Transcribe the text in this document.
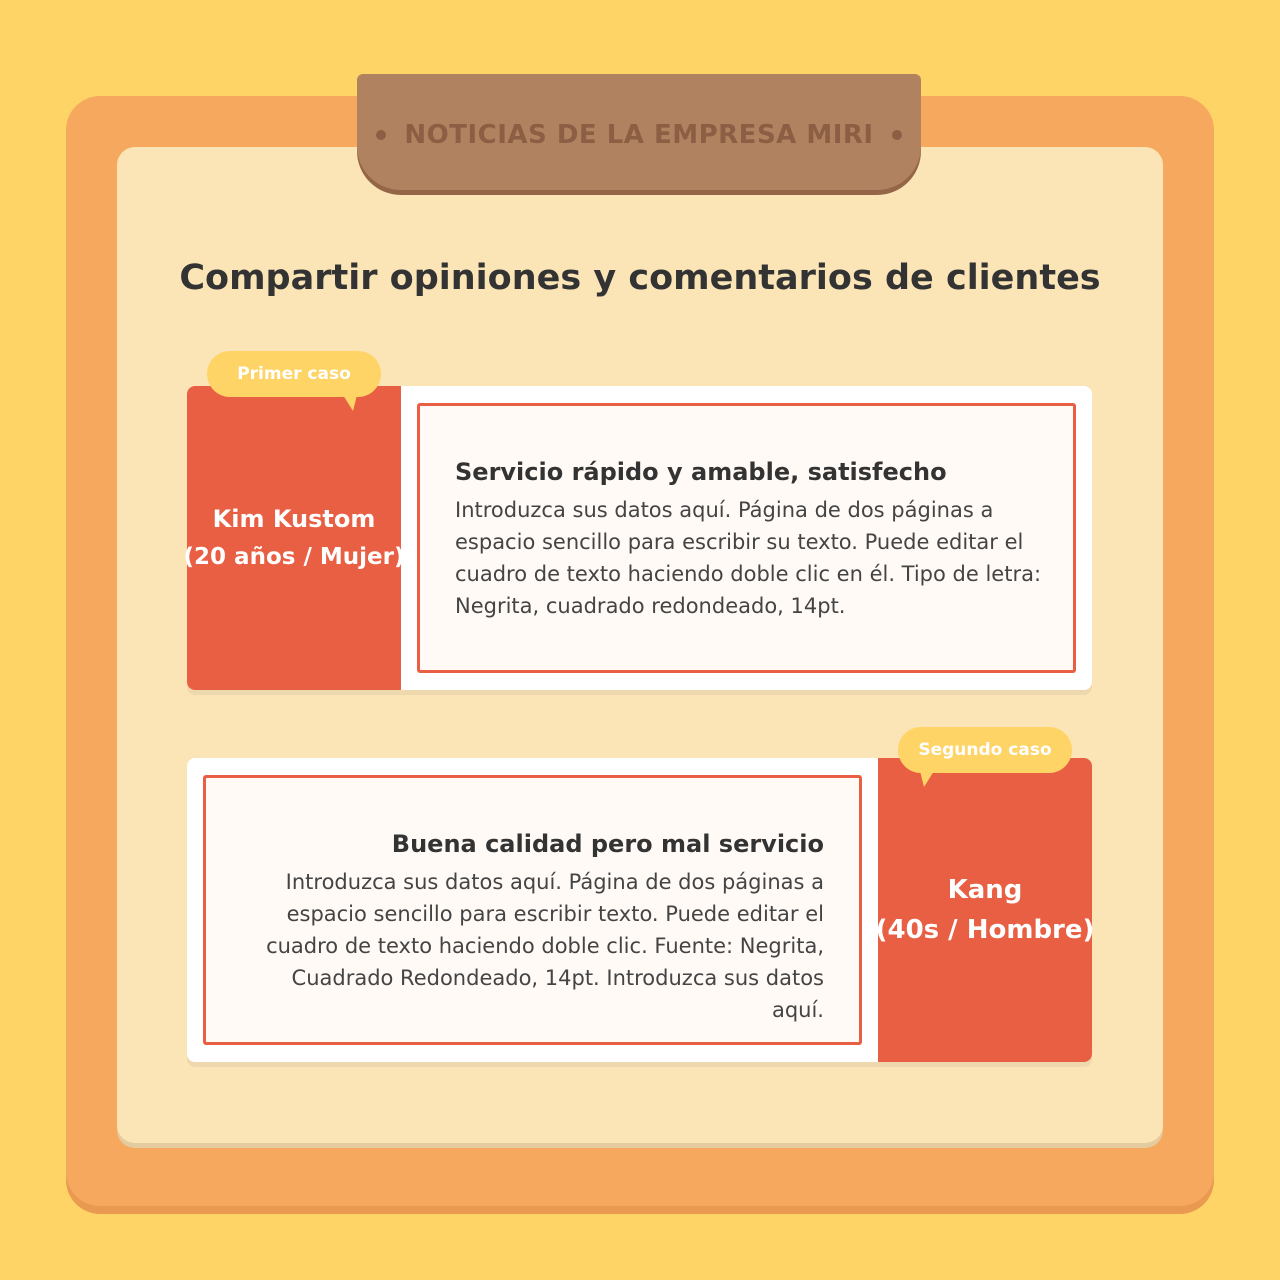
NOTICIAS DE LA EMPRESA MIRI
Compartir opiniones y comentarios de clientes
Kim Kustom
(20 años / Mujer)
Servicio rápido y amable, satisfecho
Introduzca sus datos aquí. Página de dos páginas a espacio sencillo para escribir su texto. Puede editar el cuadro de texto haciendo doble clic en él. Tipo de letra: Negrita, cuadrado redondeado, 14pt.
Primer caso
Buena calidad pero mal servicio
Introduzca sus datos aquí. Página de dos páginas a espacio sencillo para escribir texto. Puede editar el cuadro de texto haciendo doble clic. Fuente: Negrita, Cuadrado Redondeado, 14pt. Introduzca sus datos aquí.
Kang
(40s / Hombre)
Segundo caso
